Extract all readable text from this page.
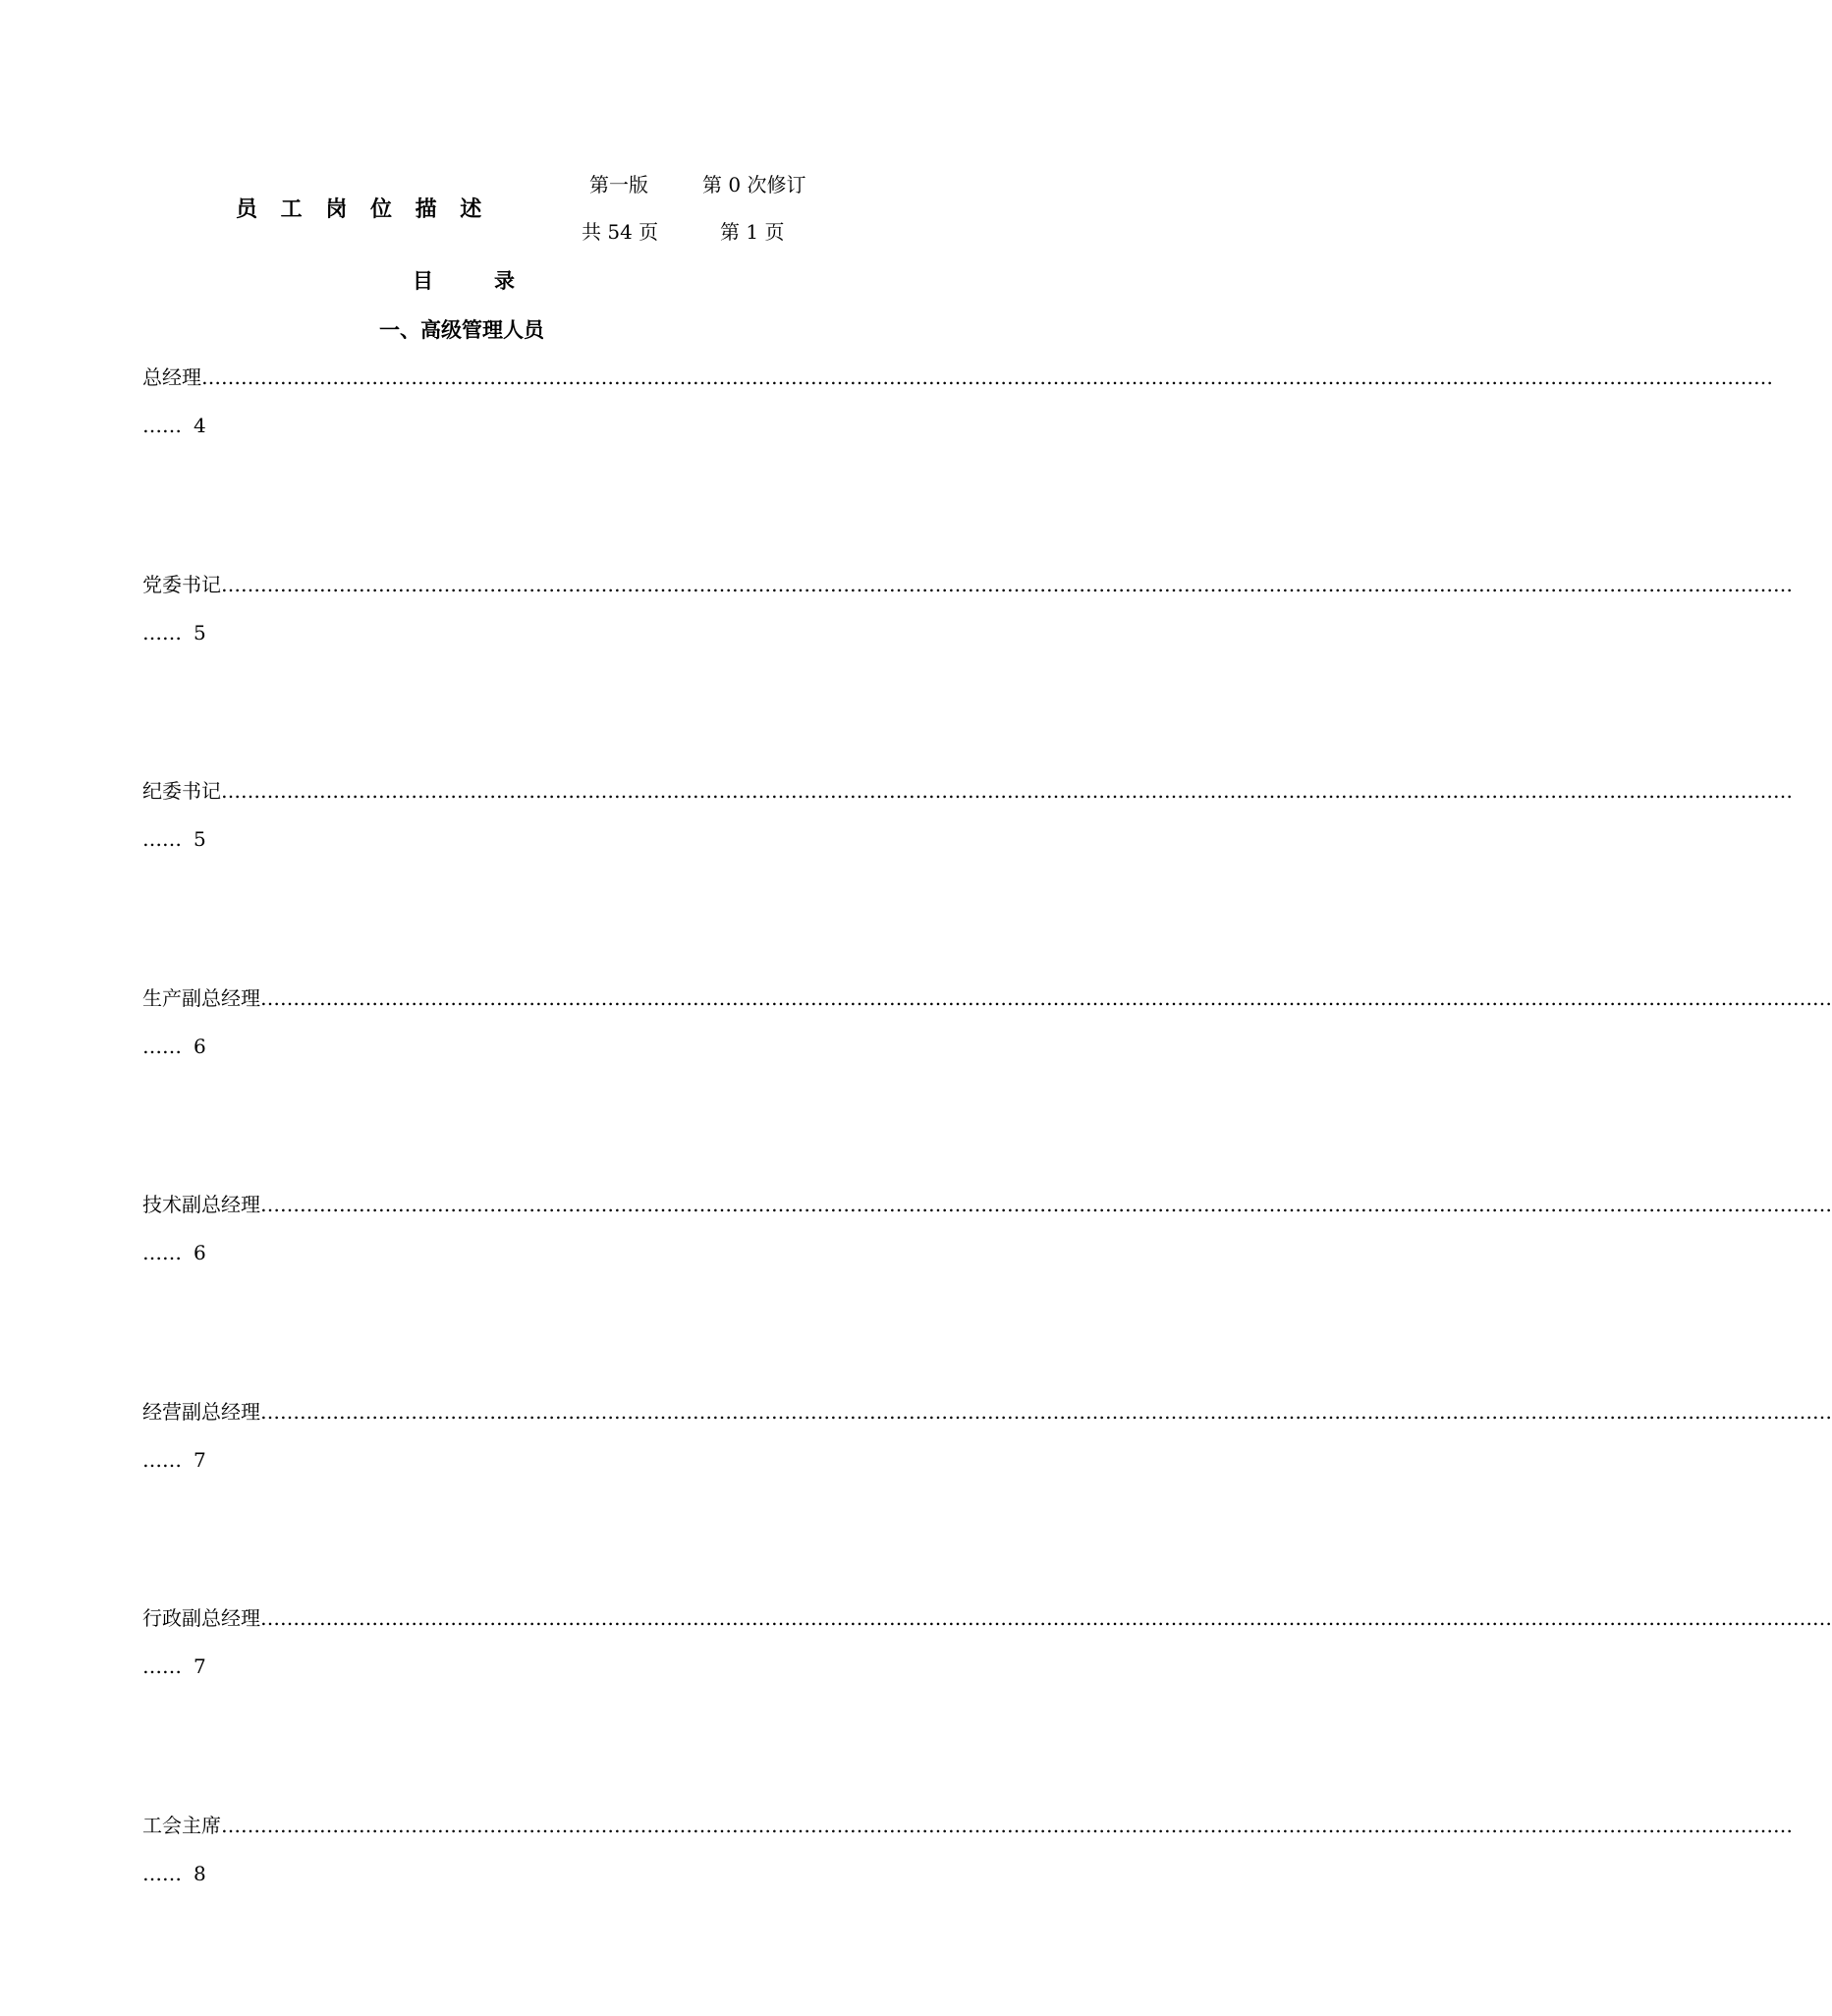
员 工 岗 位 描 述
第一版	第 0 次修订
共 54 页	第 1 页
目	录
一、高级管理人员
总经理 ……………………………………………………………………………………………………………………………………………………………………………………………………………………
…… 4
党委书记 ……………………………………………………………………………………………………………………………………………………………………………………………………………………
…… 5
纪委书记 ……………………………………………………………………………………………………………………………………………………………………………………………………………………
…… 5
生产副总经理 ……………………………………………………………………………………………………………………………………………………………………………………………………………………
…… 6
技术副总经理 ……………………………………………………………………………………………………………………………………………………………………………………………………………………
…… 6
经营副总经理 ……………………………………………………………………………………………………………………………………………………………………………………………………………………
…… 7
行政副总经理 ……………………………………………………………………………………………………………………………………………………………………………………………………………………
…… 7
工会主席 ……………………………………………………………………………………………………………………………………………………………………………………………………………………
…… 8
